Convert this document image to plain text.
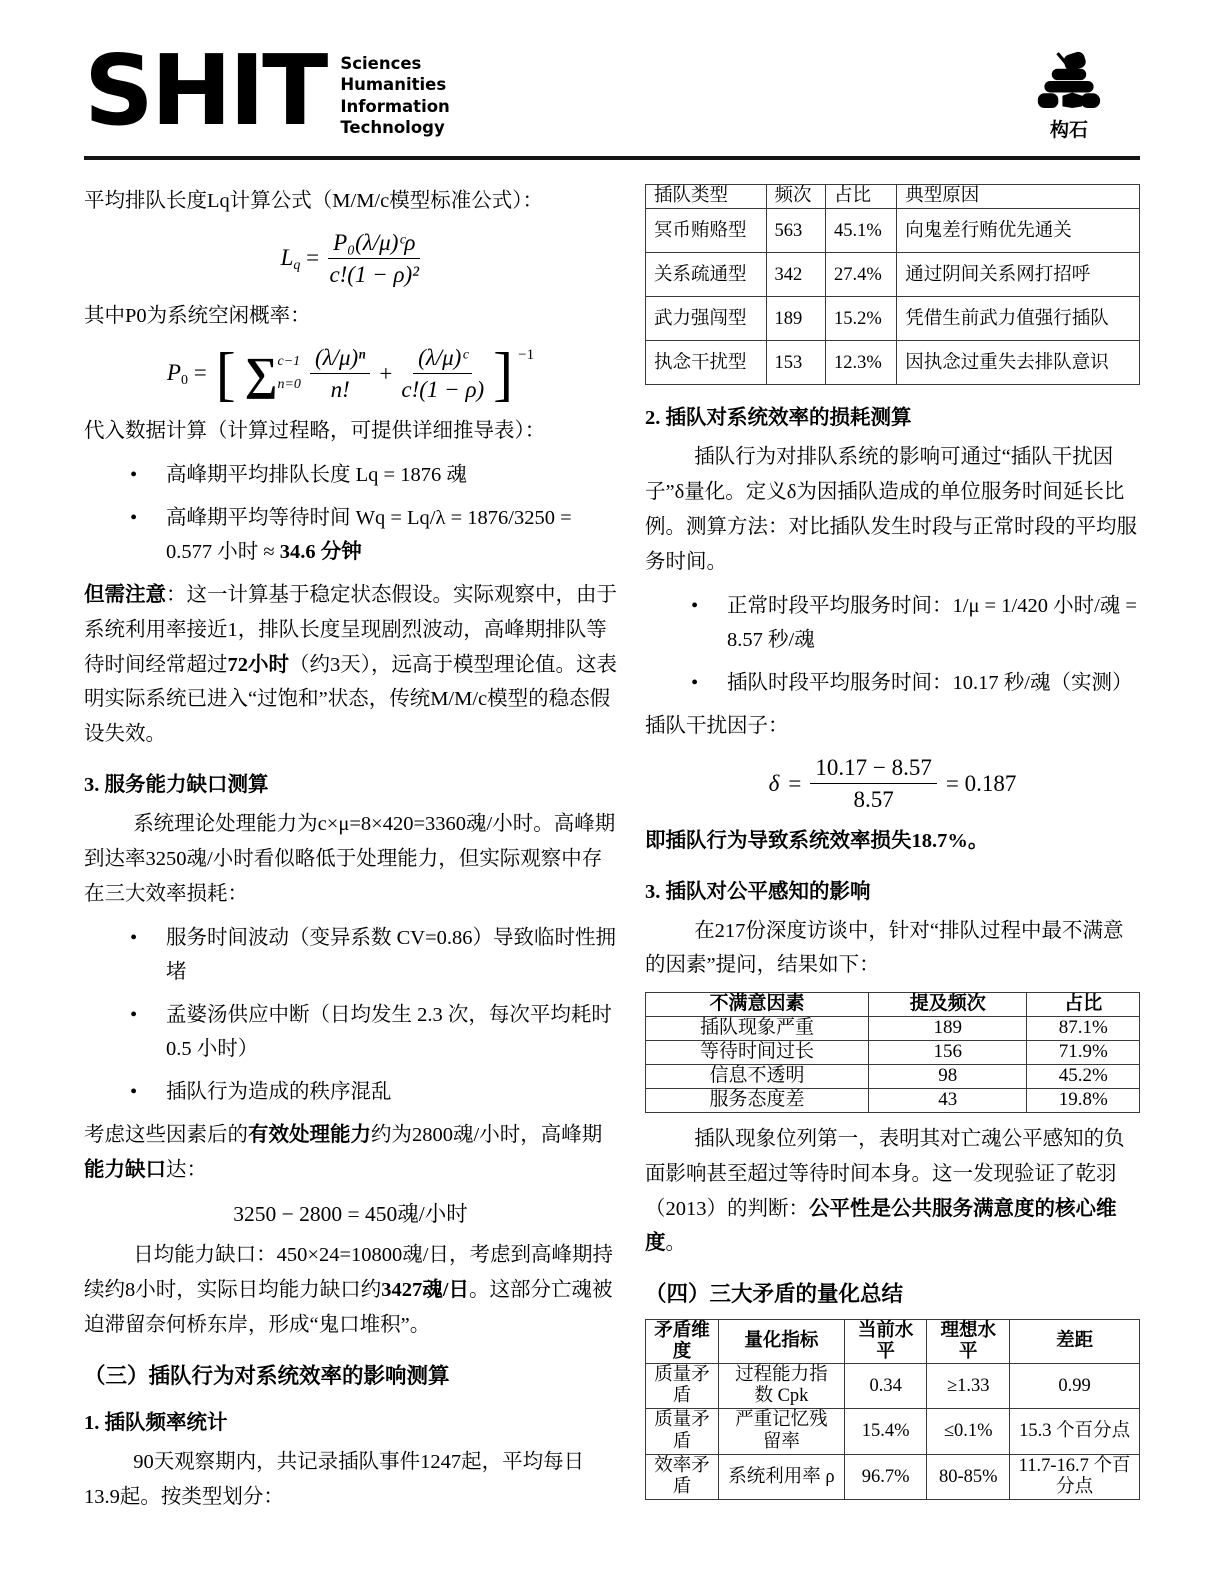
SHIT Sciences
Humanities
Information
Technology	构石
平均排队长度Lq计算公式（M/M/c模型标准公式）：
$L_q = \frac{\text{P₀(λ/μ)ᶜρ}}{\text{c!(1 − ρ)²}}$
其中P0为系统空闲概率：
$P_0$ = [ ∑ c−1
$n=0 \frac{\text{(λ/μ)ⁿ}}{n!} + \frac{\text{(λ/μ)ᶜ}}{c!(1 - \rho)}$ ] −1
代入数据计算（计算过程略，可提供详细推导表）：
•	高峰期平均排队长度 Lq = 1876 魂
•	高峰期平均等待时间 Wq = Lq/λ = 1876/3250 = 0.577 小时 ≈ 34.6 分钟
但需注意：这一计算基于稳定状态假设。实际观察中，由于系统利用率接近1，排队长度呈现剧烈波动，高峰期排队等待时间经常超过72小时（约3天），远高于模型理论值。这表明实际系统已进入“过饱和”状态，传统M/M/c模型的稳态假设失效。
3. 服务能力缺口测算
系统理论处理能力为c×μ=8×420=3360魂/小时。高峰期到达率3250魂/小时看似略低于处理能力，但实际观察中存在三大效率损耗：
•	服务时间波动（变异系数 CV=0.86）导致临时性拥堵
•	孟婆汤供应中断（日均发生 2.3 次，每次平均耗时 0.5 小时）
•	插队行为造成的秩序混乱
考虑这些因素后的有效处理能力约为2800魂/小时，高峰期能力缺口达：
3250 − 2800 = 450魂/小时
日均能力缺口：450×24=10800魂/日，考虑到高峰期持续约8小时，实际日均能力缺口约3427魂/日。这部分亡魂被迫滞留奈何桥东岸，形成“鬼口堆积”。
（三）插队行为对系统效率的影响测算
1. 插队频率统计
90天观察期内，共记录插队事件1247起，平均每日13.9起。按类型划分：
插队类型	频次	占比	典型原因
冥币贿赂型	563	45.1%	向鬼差行贿优先通关
关系疏通型	342	27.4%	通过阴间关系网打招呼
武力强闯型	189	15.2%	凭借生前武力值强行插队
执念干扰型	153	12.3%	因执念过重失去排队意识
2. 插队对系统效率的损耗测算
插队行为对排队系统的影响可通过“插队干扰因子”δ量化。定义δ为因插队造成的单位服务时间延长比例。测算方法：对比插队发生时段与正常时段的平均服务时间。
•	正常时段平均服务时间：1/μ = 1/420 小时/魂 = 8.57 秒/魂
•	插队时段平均服务时间：10.17 秒/魂（实测）
插队干扰因子：
$\delta = \frac{10.17 - 8.57}{8.57} = 0.187$
即插队行为导致系统效率损失18.7%。
3. 插队对公平感知的影响
在217份深度访谈中，针对“排队过程中最不满意的因素”提问，结果如下：
不满意因素	提及频次	占比
插队现象严重	189	87.1%
等待时间过长	156	71.9%
信息不透明	98	45.2%
服务态度差	43	19.8%
插队现象位列第一，表明其对亡魂公平感知的负面影响甚至超过等待时间本身。这一发现验证了乾羽（2013）的判断：公平性是公共服务满意度的核心维度。
（四）三大矛盾的量化总结
矛盾维度	量化指标	当前水平	理想水平	差距
质量矛盾	过程能力指数 Cpk	0.34	≥1.33	0.99
质量矛盾	严重记忆残留率	15.4%	≤0.1%	15.3 个百分点
效率矛盾	系统利用率 ρ	96.7%	80-85%	11.7-16.7 个百分点
